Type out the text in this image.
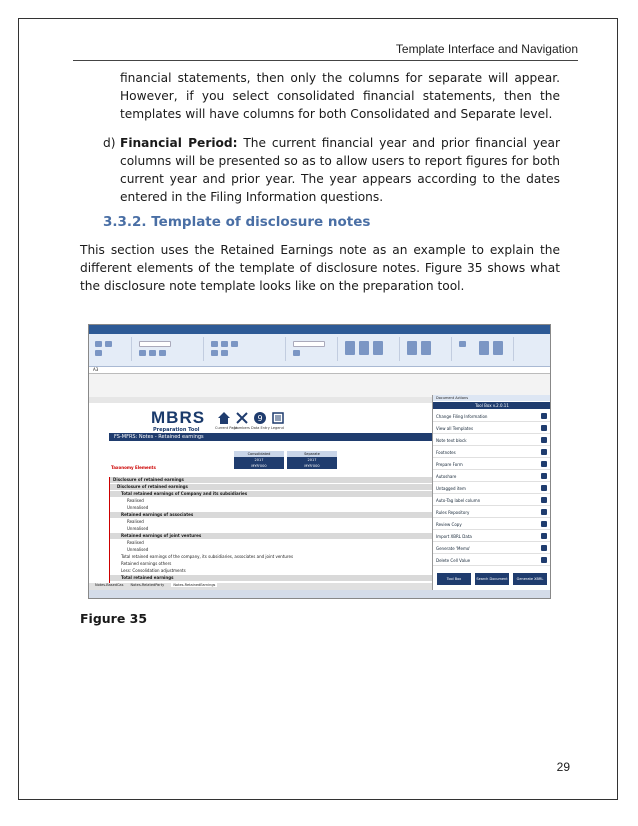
Template Interface and Navigation
financial statements, then only the columns for separate will appear. However, if you select consolidated financial statements, then the templates will have columns for both Consolidated and Separate level.
d) Financial Period: The current financial year and prior financial year columns will be presented so as to allow users to report figures for both current year and prior year. The year appears according to the dates entered in the Filing Information questions.
3.3.2. Template of disclosure notes
This section uses the Retained Earnings note as an example to explain the different elements of the template of disclosure notes. Figure 35 shows what the disclosure note template looks like on the preparation tool.
A3
MBRS
Preparation Tool
9
Current Page
Numbers Data Entry Legend
FS-MFRS: Notes - Retained earnings
Consolidated	Separate
2017	2017
MYR'000	MYR'000
Taxonomy Elements
Disclosure of retained earnings
Disclosure of retained earnings
Total retained earnings of Company and its subsidiaries
Realised
Unrealised
Retained earnings of associates
Realised
Unrealised
Retained earnings of joint ventures
Realised
Unrealised
Total retained earnings of the company, its subsidiaries, associates and joint ventures
Retained earnings others
Less: Consolidation adjustments
Total retained earnings
Notes-BasedCas Notes-RelatedParty	Notes-RetainedEarnings
Document Actions
Tool Box v.2.0.11
Change Filing Information
View all Templates
Note text block
Footnotes
Prepare Form
Autoshare
Untagged item
Auto-Tag label column
Rules Repository
Review Copy
Import XBRL Data
Generate 'Memo'
Delete Cell Value
Tool Box	Search Document	Generate XBRL
Figure 35
29
